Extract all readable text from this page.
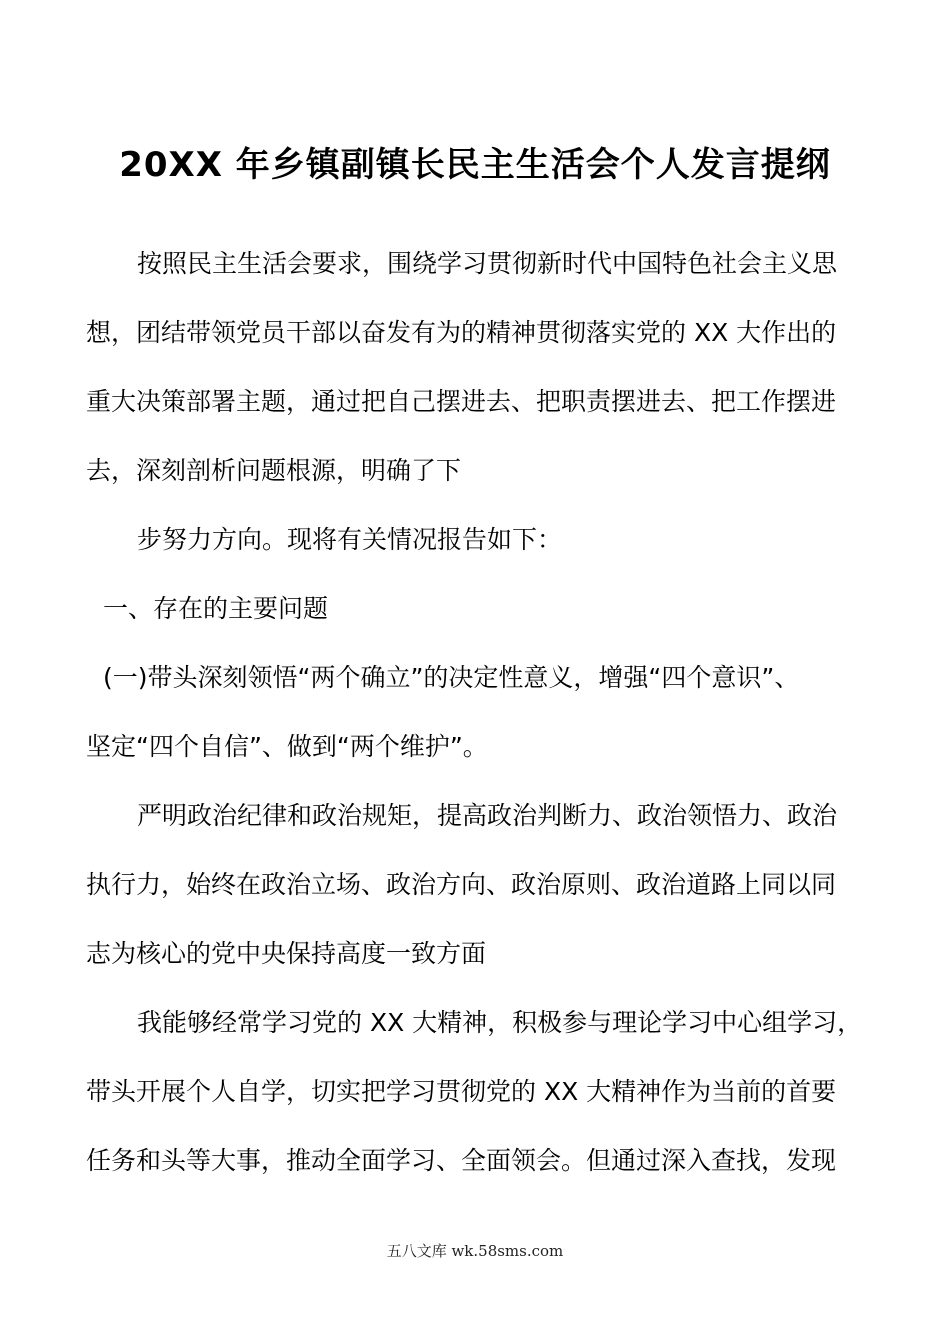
20XX 年乡镇副镇长民主生活会个人发言提纲

按照民主生活会要求，围绕学习贯彻新时代中国特色社会主义思

想，团结带领党员干部以奋发有为的精神贯彻落实党的 XX 大作出的

重大决策部署主题，通过把自己摆进去、把职责摆进去、把工作摆进

去，深刻剖析问题根源，明确了下

步努力方向。现将有关情况报告如下：

一、存在的主要问题

(一)带头深刻领悟“两个确立”的决定性意义，增强“四个意识”、

坚定“四个自信”、做到“两个维护”。

严明政治纪律和政治规矩，提高政治判断力、政治领悟力、政治

执行力，始终在政治立场、政治方向、政治原则、政治道路上同以同

志为核心的党中央保持高度一致方面

我能够经常学习党的 XX 大精神，积极参与理论学习中心组学习，

带头开展个人自学，切实把学习贯彻党的 XX 大精神作为当前的首要

任务和头等大事，推动全面学习、全面领会。但通过深入查找，发现

五八文库 wk.58sms.com
